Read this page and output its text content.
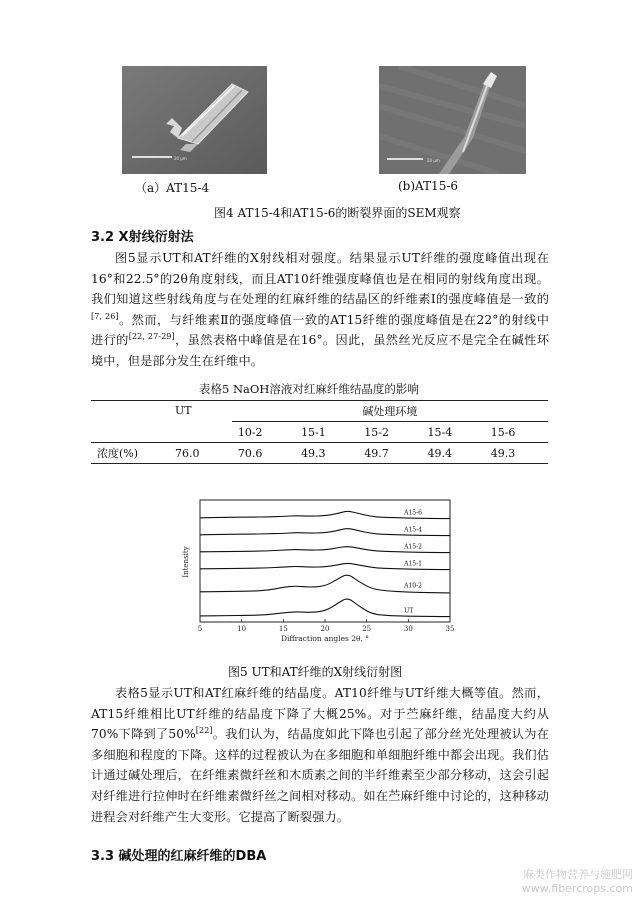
20 μm	20 μm
（a）AT15-4	(b)AT15-6
图4 AT15-4和AT15-6的断裂界面的SEM观察
3.2 X射线衍射法
图5显示UT和AT纤维的X射线相对强度。结果显示UT纤维的强度峰值出现在16°和22.5°的2θ角度射线，而且AT10纤维强度峰值也是在相同的射线角度出现。我们知道这些射线角度与在处理的红麻纤维的结晶区的纤维素Ⅰ的强度峰值是一致的[7, 26]。然而，与纤维素Ⅱ的强度峰值一致的AT15纤维的强度峰值是在22°的射线中进行的[22, 27-29]，虽然表格中峰值是在16°。因此，虽然丝光反应不是完全在碱性环境中，但是部分发生在纤维中。
表格5 NaOH溶液对红麻纤维结晶度的影响
	UT	碱处理环境				
		10-2	15-1	15-2	15-4	15-6
浓度(%)	76.0	70.6	49.3	49.7	49.4	49.3
A15-6
A15-4
A15-2
A15-1
A10-2
UT
5	10	15	20	25	30	35
Intensity
Diffraction angles 2θ, °
图5 UT和AT纤维的X射线衍射图
表格5显示UT和AT红麻纤维的结晶度。AT10纤维与UT纤维大概等值。然而，AT15纤维相比UT纤维的结晶度下降了大概25%。对于苎麻纤维，结晶度大约从70%下降到了50%[22]。我们认为，结晶度如此下降也引起了部分丝光处理被认为在多细胞和程度的下降。这样的过程被认为在多细胞和单细胞纤维中都会出现。我们估计通过碱处理后，在纤维素微纤丝和木质素之间的半纤维素至少部分移动，这会引起对纤维进行拉伸时在纤维素微纤丝之间相对移动。如在苎麻纤维中讨论的，这种移动进程会对纤维产生大变形。它提高了断裂强力。
3.3 碱处理的红麻纤维的DBA
麻类作物营养与施肥网
www.fibercrops.com
